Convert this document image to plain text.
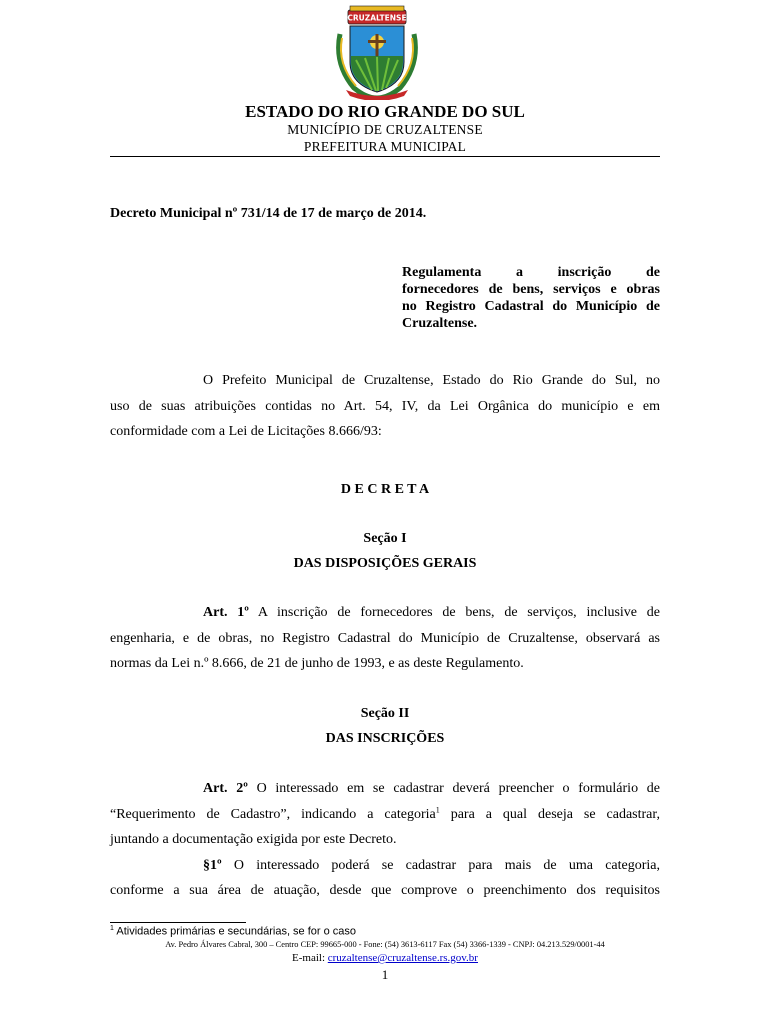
CRUZALTENSE
ESTADO DO RIO GRANDE DO SUL
MUNICÍPIO DE CRUZALTENSE
PREFEITURA MUNICIPAL
Decreto Municipal nº 731/14 de 17 de março de 2014.
Regulamenta a inscrição de
fornecedores de bens, serviços e obras
no Registro Cadastral do Município de
Cruzaltense.
O Prefeito Municipal de Cruzaltense, Estado do Rio Grande do Sul, no
uso de suas atribuições contidas no Art. 54, IV, da Lei Orgânica do município e em
conformidade com a Lei de Licitações 8.666/93:
D E C R E T A
Seção I
DAS DISPOSIÇÕES GERAIS
Art. 1º A inscrição de fornecedores de bens, de serviços, inclusive de
engenharia, e de obras, no Registro Cadastral do Município de Cruzaltense, observará as
normas da Lei n.º 8.666, de 21 de junho de 1993, e as deste Regulamento.
Seção II
DAS INSCRIÇÕES
Art. 2º O interessado em se cadastrar deverá preencher o formulário de
“Requerimento de Cadastro”, indicando a categoria$^1$ para a qual deseja se cadastrar,
juntando a documentação exigida por este Decreto.
§1º O interessado poderá se cadastrar para mais de uma categoria,
conforme a sua área de atuação, desde que comprove o preenchimento dos requisitos
$^1$ Atividades primárias e secundárias, se for o caso
Av. Pedro Álvares Cabral, 300 – Centro CEP: 99665-000 - Fone: (54) 3613-6117 Fax (54) 3366-1339 - CNPJ: 04.213.529/0001-44
E-mail: cruzaltense@cruzaltense.rs.gov.br
1
